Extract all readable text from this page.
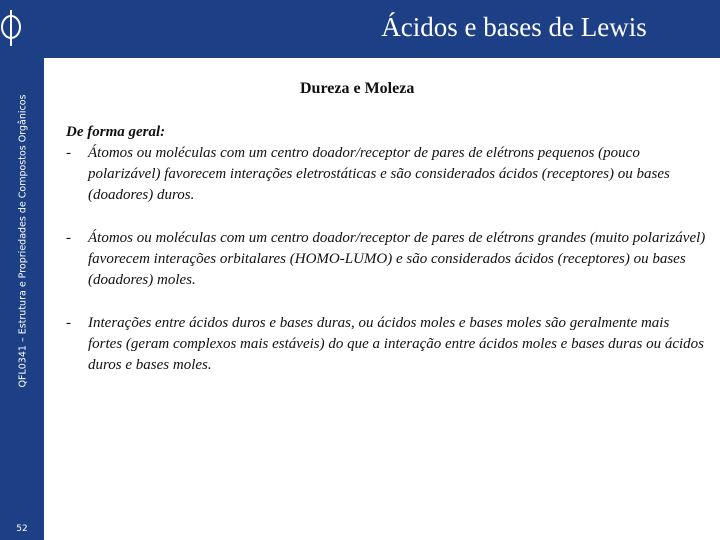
QFL0341 – Estrutura e Propriedades de Compostos Orgânicos
52
Ácidos e bases de Lewis
Dureza e Moleza
De forma geral:
- Átomos ou moléculas com um centro doador/receptor de pares de elétrons pequenos (pouco polarizável) favorecem interações eletrostáticas e são considerados ácidos (receptores) ou bases (doadores) duros.
- Átomos ou moléculas com um centro doador/receptor de pares de elétrons grandes (muito polarizável) favorecem interações orbitalares (HOMO-LUMO) e são considerados ácidos (receptores) ou bases (doadores) moles.
- Interações entre ácidos duros e bases duras, ou ácidos moles e bases moles são geralmente mais fortes (geram complexos mais estáveis) do que a interação entre ácidos moles e bases duras ou ácidos duros e bases moles.
